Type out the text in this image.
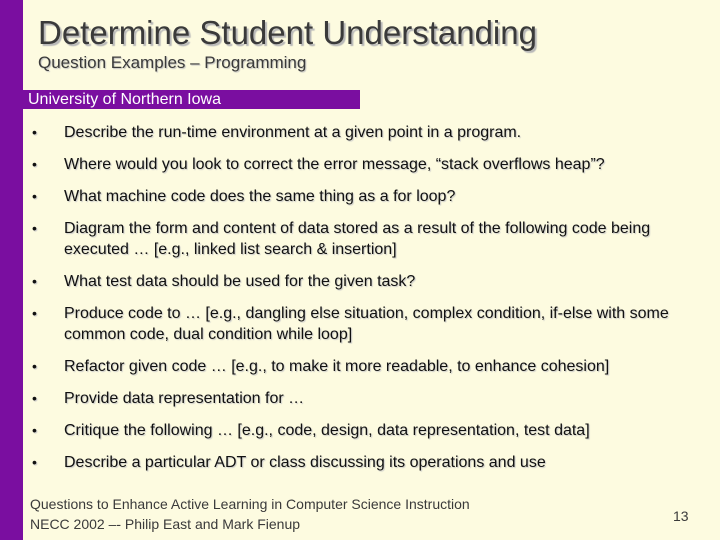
Determine Student Understanding
Question Examples – Programming
University of Northern Iowa
• Describe the run-time environment at a given point in a program.
• Where would you look to correct the error message, “stack overflows heap”?
• What machine code does the same thing as a for loop?
• Diagram the form and content of data stored as a result of the following code being executed … [e.g., linked list search & insertion]
• What test data should be used for the given task?
• Produce code to … [e.g., dangling else situation, complex condition, if-else with some common code, dual condition while loop]
• Refactor given code … [e.g., to make it more readable, to enhance cohesion]
• Provide data representation for …
• Critique the following … [e.g., code, design, data representation, test data]
• Describe a particular ADT or class discussing its operations and use
Questions to Enhance Active Learning in Computer Science Instruction
NECC 2002 –- Philip East and Mark Fienup	13
